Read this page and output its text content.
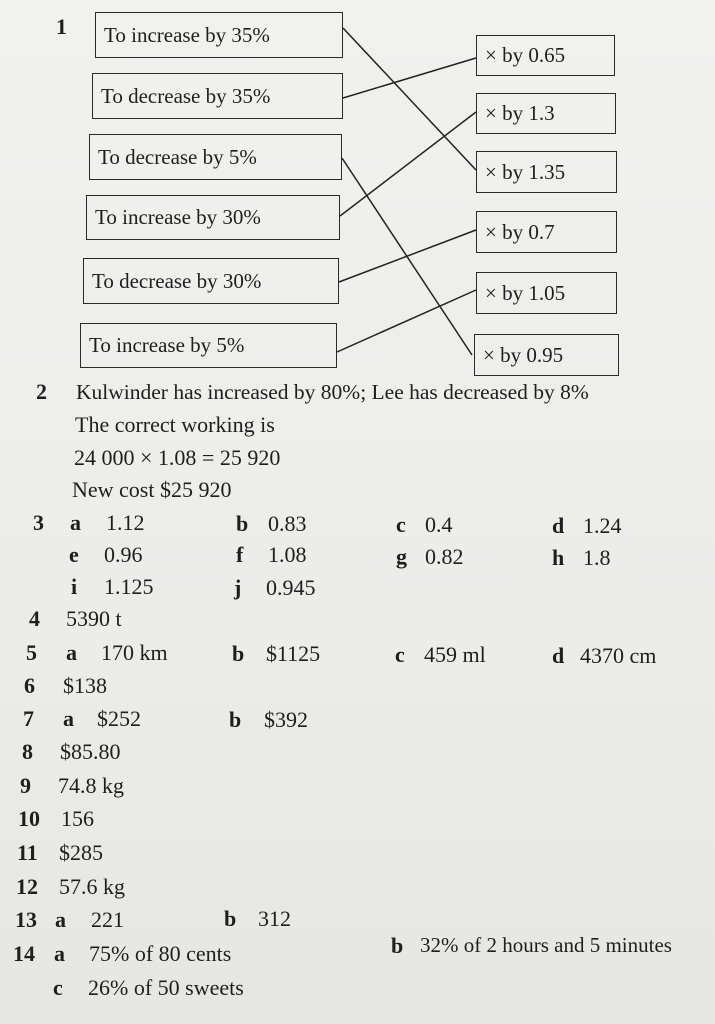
1	To increase by 35%
To decrease by 35%
To decrease by 5%
To increase by 30%
To decrease by 30%
To increase by 5%
× by 0.65
× by 1.3
× by 1.35
× by 0.7
× by 1.05
× by 0.95
2 Kulwinder has increased by 80%; Lee has decreased by 8%
The correct working is
24 000 × 1.08 = 25 920
New cost $25 920
3 a 1.12	b 0.83	c 0.4	d 1.24
e 0.96	f 1.08	g 0.82	h 1.8
i 1.125	j 0.945
4 5390 t
5 a 170 km	b $1125	c 459 ml	d 4370 cm
6 $138
7 a $252	b $392
8 $85.80
9 74.8 kg
10 156
11 $285
12 57.6 kg
13 a 221	b 312
14 a 75% of 80 cents	b 32% of 2 hours and 5 minutes
c 26% of 50 sweets
